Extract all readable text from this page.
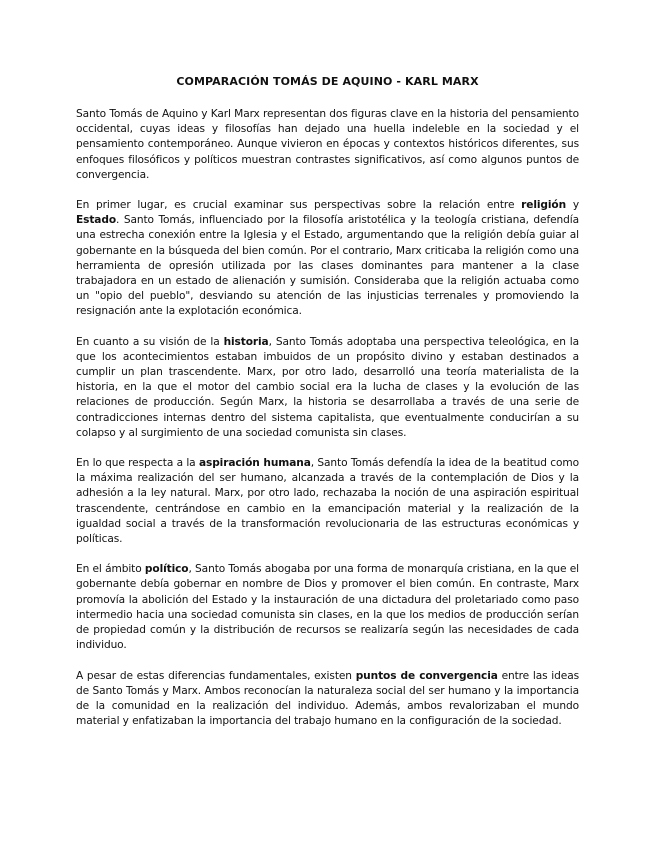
COMPARACIÓN TOMÁS DE AQUINO - KARL MARX

Santo Tomás de Aquino y Karl Marx representan dos figuras clave en la historia del pensamiento occidental, cuyas ideas y filosofías han dejado una huella indeleble en la sociedad y el pensamiento contemporáneo. Aunque vivieron en épocas y contextos históricos diferentes, sus enfoques filosóficos y políticos muestran contrastes significativos, así como algunos puntos de convergencia.

En primer lugar, es crucial examinar sus perspectivas sobre la relación entre religión y Estado. Santo Tomás, influenciado por la filosofía aristotélica y la teología cristiana, defendía una estrecha conexión entre la Iglesia y el Estado, argumentando que la religión debía guiar al gobernante en la búsqueda del bien común. Por el contrario, Marx criticaba la religión como una herramienta de opresión utilizada por las clases dominantes para mantener a la clase trabajadora en un estado de alienación y sumisión. Consideraba que la religión actuaba como un "opio del pueblo", desviando su atención de las injusticias terrenales y promoviendo la resignación ante la explotación económica.

En cuanto a su visión de la historia, Santo Tomás adoptaba una perspectiva teleológica, en la que los acontecimientos estaban imbuidos de un propósito divino y estaban destinados a cumplir un plan trascendente. Marx, por otro lado, desarrolló una teoría materialista de la historia, en la que el motor del cambio social era la lucha de clases y la evolución de las relaciones de producción. Según Marx, la historia se desarrollaba a través de una serie de contradicciones internas dentro del sistema capitalista, que eventualmente conducirían a su colapso y al surgimiento de una sociedad comunista sin clases.

En lo que respecta a la aspiración humana, Santo Tomás defendía la idea de la beatitud como la máxima realización del ser humano, alcanzada a través de la contemplación de Dios y la adhesión a la ley natural. Marx, por otro lado, rechazaba la noción de una aspiración espiritual trascendente, centrándose en cambio en la emancipación material y la realización de la igualdad social a través de la transformación revolucionaria de las estructuras económicas y políticas.

En el ámbito político, Santo Tomás abogaba por una forma de monarquía cristiana, en la que el gobernante debía gobernar en nombre de Dios y promover el bien común. En contraste, Marx promovía la abolición del Estado y la instauración de una dictadura del proletariado como paso intermedio hacia una sociedad comunista sin clases, en la que los medios de producción serían de propiedad común y la distribución de recursos se realizaría según las necesidades de cada individuo.

A pesar de estas diferencias fundamentales, existen puntos de convergencia entre las ideas de Santo Tomás y Marx. Ambos reconocían la naturaleza social del ser humano y la importancia de la comunidad en la realización del individuo. Además, ambos revalorizaban el mundo material y enfatizaban la importancia del trabajo humano en la configuración de la sociedad.
